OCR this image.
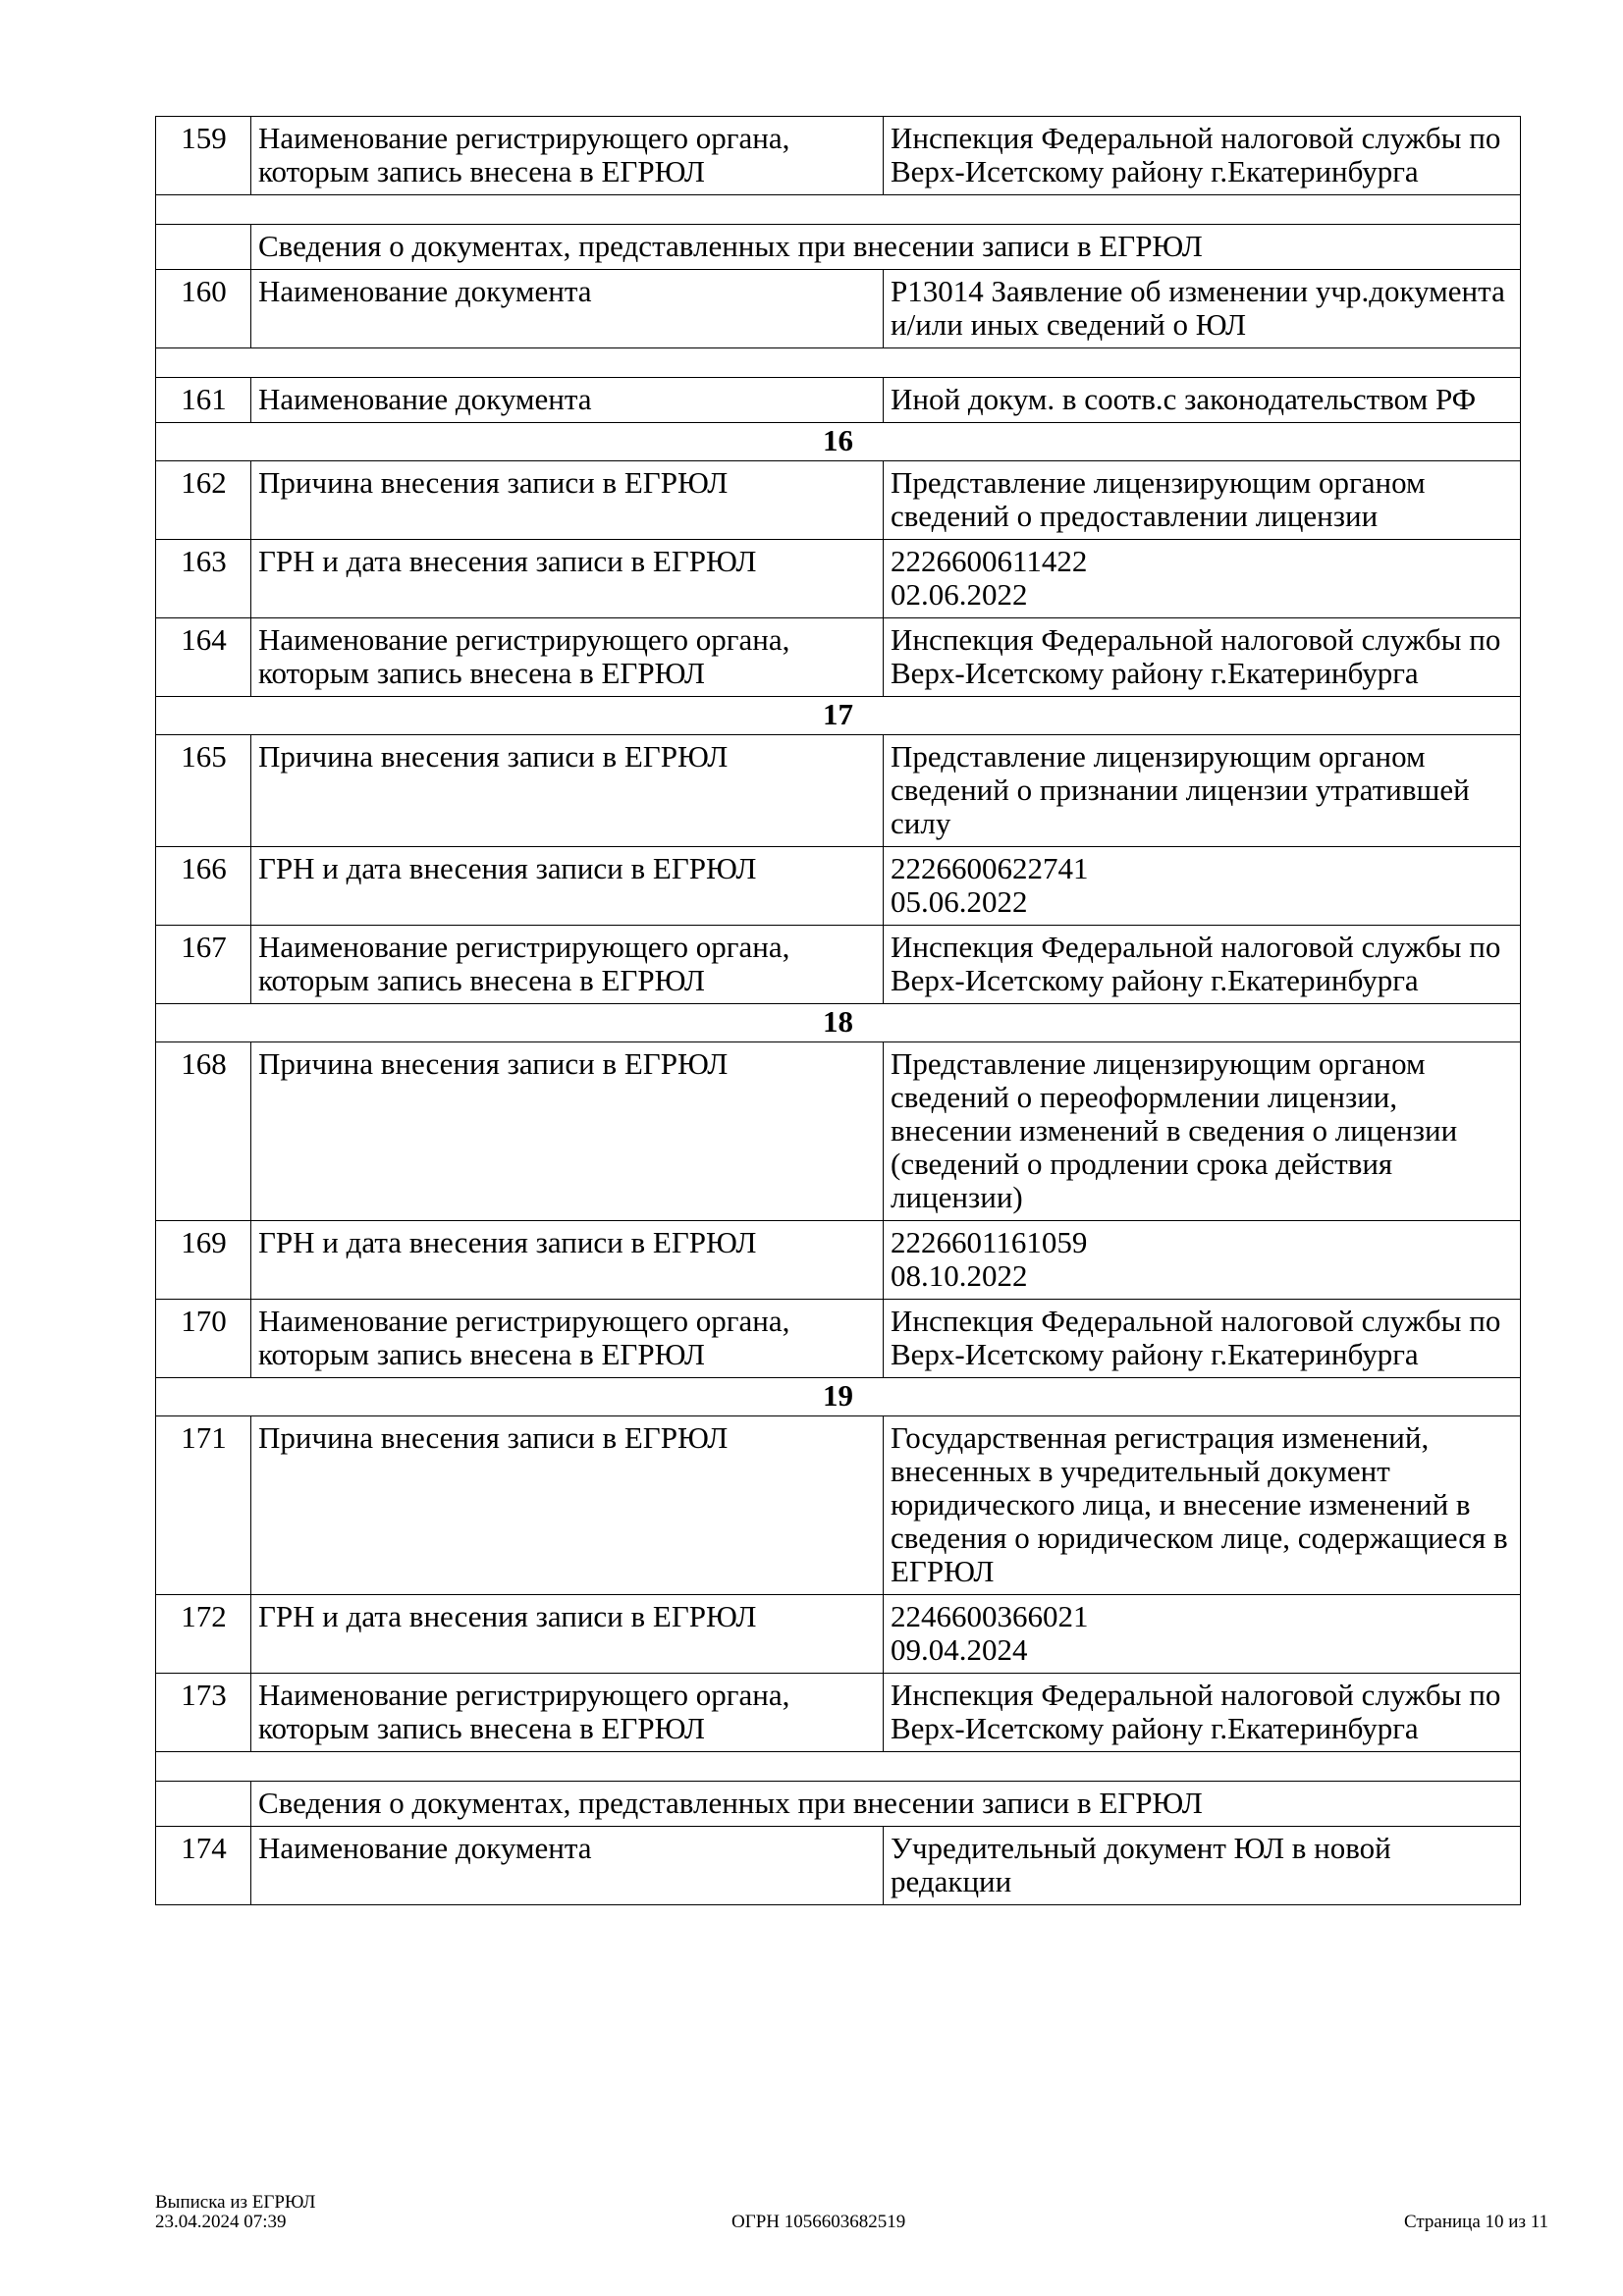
159	Наименование регистрирующего органа, которым запись внесена в ЕГРЮЛ	Инспекция Федеральной налоговой службы по Верх-Исетскому району г.Екатеринбурга

	Сведения о документах, представленных при внесении записи в ЕГРЮЛ	
160	Наименование документа	Р13014 Заявление об изменении учр.документа и/или иных сведений о ЮЛ

161	Наименование документа	Иной докум. в соотв.с законодательством РФ

16		
162	Причина внесения записи в ЕГРЮЛ	Представление лицензирующим органом сведений о предоставлении лицензии

163	ГРН и дата внесения записи в ЕГРЮЛ	2226600611422
02.06.2022

164	Наименование регистрирующего органа, которым запись внесена в ЕГРЮЛ	Инспекция Федеральной налоговой службы по Верх-Исетскому району г.Екатеринбурга

17		
165	Причина внесения записи в ЕГРЮЛ	Представление лицензирующим органом сведений о признании лицензии утратившей силу

166	ГРН и дата внесения записи в ЕГРЮЛ	2226600622741
05.06.2022

167	Наименование регистрирующего органа, которым запись внесена в ЕГРЮЛ	Инспекция Федеральной налоговой службы по Верх-Исетскому району г.Екатеринбурга

18		
168	Причина внесения записи в ЕГРЮЛ	Представление лицензирующим органом сведений о переоформлении лицензии, внесении изменений в сведения о лицензии (сведений о продлении срока действия лицензии)

169	ГРН и дата внесения записи в ЕГРЮЛ	2226601161059
08.10.2022

170	Наименование регистрирующего органа, которым запись внесена в ЕГРЮЛ	Инспекция Федеральной налоговой службы по Верх-Исетскому району г.Екатеринбурга

19		
171	Причина внесения записи в ЕГРЮЛ	Государственная регистрация изменений, внесенных в учредительный документ юридического лица, и внесение изменений в сведения о юридическом лице, содержащиеся в ЕГРЮЛ

172	ГРН и дата внесения записи в ЕГРЮЛ	2246600366021
09.04.2024

173	Наименование регистрирующего органа, которым запись внесена в ЕГРЮЛ	Инспекция Федеральной налоговой службы по Верх-Исетскому району г.Екатеринбурга

	Сведения о документах, представленных при внесении записи в ЕГРЮЛ	
174	Наименование документа	Учредительный документ ЮЛ в новой редакции
Выписка из ЕГРЮЛ
23.04.2024 07:39	ОГРН 1056603682519	Страница 10 из 11
